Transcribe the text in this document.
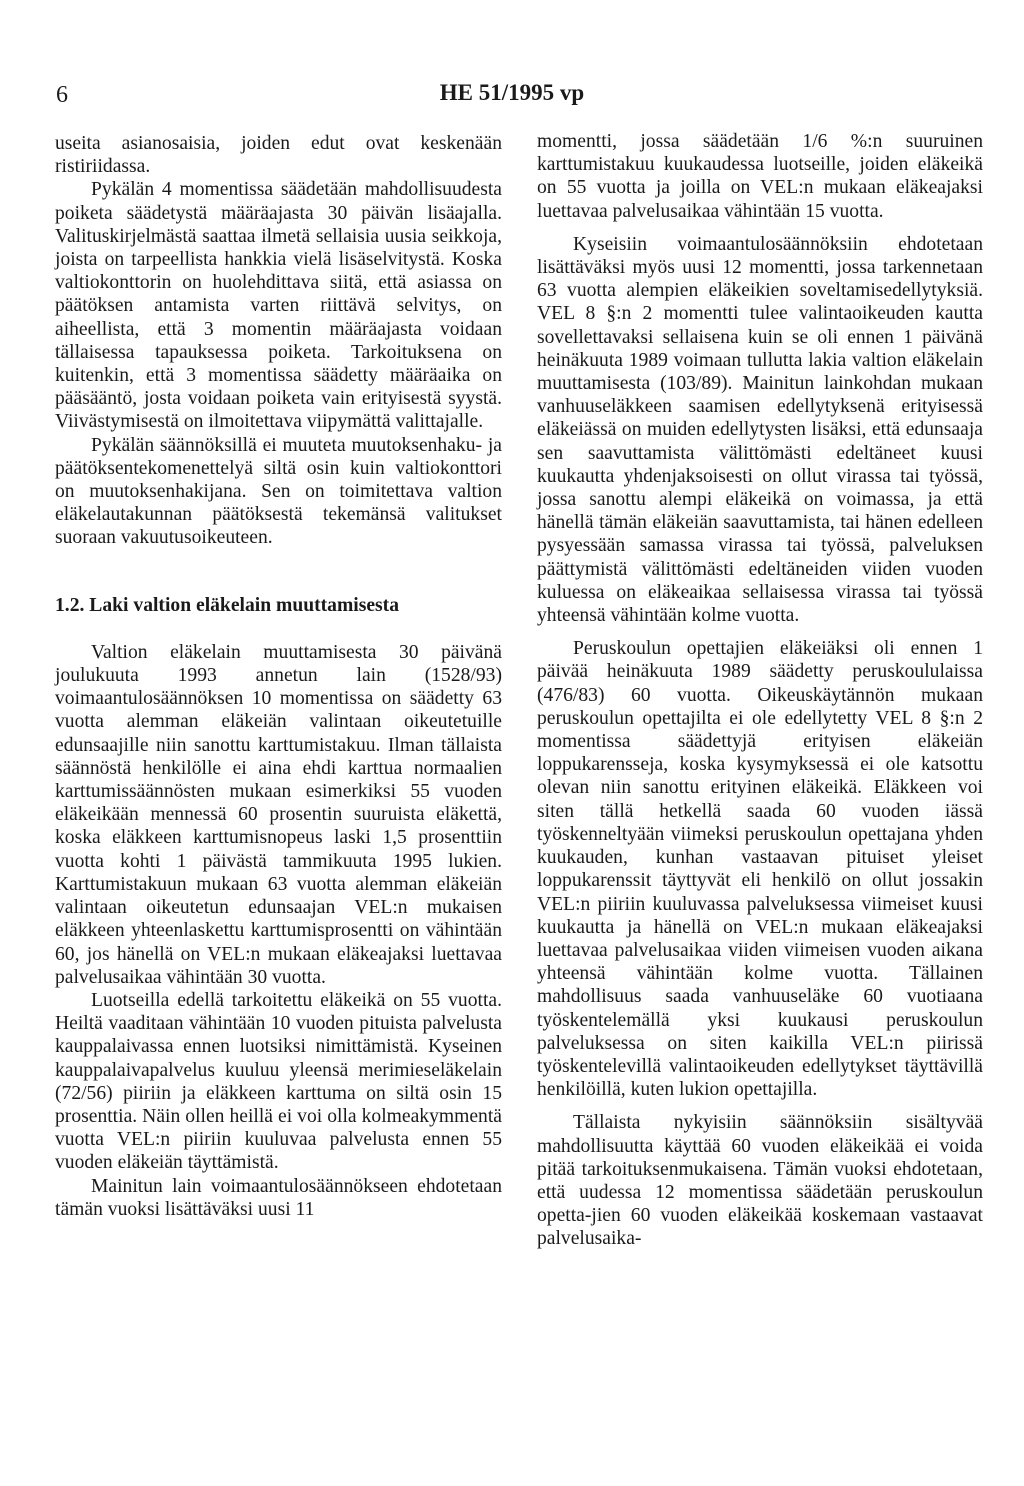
6	HE 51/1995 vp

useita asianosaisia, joiden edut ovat keskenään ristiriidassa.

Pykälän 4 momentissa säädetään mahdollisuudesta poiketa säädetystä määräajasta 30 päivän lisäajalla. Valituskirjelmästä saattaa ilmetä sellaisia uusia seikkoja, joista on tarpeellista hankkia vielä lisäselvitystä. Koska valtiokonttorin on huolehdittava siitä, että asiassa on päätöksen antamista varten riittävä selvitys, on aiheellista, että 3 momentin määräajasta voidaan tällaisessa tapauksessa poiketa. Tarkoituksena on kuitenkin, että 3 momentissa säädetty määräaika on pääsääntö, josta voidaan poiketa vain erityisestä syystä. Viivästymisestä on ilmoitettava viipymättä valittajalle.

Pykälän säännöksillä ei muuteta muutoksenhaku- ja päätöksentekomenettelyä siltä osin kuin valtiokonttori on muutoksenhakijana. Sen on toimitettava valtion eläkelautakunnan päätöksestä tekemänsä valitukset suoraan vakuutusoikeuteen.

1.2. Laki valtion eläkelain muuttamisesta

Valtion eläkelain muuttamisesta 30 päivänä joulukuuta 1993 annetun lain (1528/93) voimaantulosäännöksen 10 momentissa on säädetty 63 vuotta alemman eläkeiän valintaan oikeutetuille edunsaajille niin sanottu karttumistakuu. Ilman tällaista säännöstä henkilölle ei aina ehdi karttua normaalien karttumissäännösten mukaan esimerkiksi 55 vuoden eläkeikään mennessä 60 prosentin suuruista eläkettä, koska eläkkeen karttumisnopeus laski 1,5 prosenttiin vuotta kohti 1 päivästä tammikuuta 1995 lukien. Karttumistakuun mukaan 63 vuotta alemman eläkeiän valintaan oikeutetun edunsaajan VEL:n mukaisen eläkkeen yhteenlaskettu karttumisprosentti on vähintään 60, jos hänellä on VEL:n mukaan eläkeajaksi luettavaa palvelusaikaa vähintään 30 vuotta.

Luotseilla edellä tarkoitettu eläkeikä on 55 vuotta. Heiltä vaaditaan vähintään 10 vuoden pituista palvelusta kauppalaivassa ennen luotsiksi nimittämistä. Kyseinen kauppalaivapalvelus kuuluu yleensä merimieseläkelain (72/56) piiriin ja eläkkeen karttuma on siltä osin 15 prosenttia. Näin ollen heillä ei voi olla kolmeakymmentä vuotta VEL:n piiriin kuuluvaa palvelusta ennen 55 vuoden eläkeiän täyttämistä.

Mainitun lain voimaantulosäännökseen ehdotetaan tämän vuoksi lisättäväksi uusi 11

momentti, jossa säädetään 1/6 %:n suuruinen karttumistakuu kuukaudessa luotseille, joiden eläkeikä on 55 vuotta ja joilla on VEL:n mukaan eläkeajaksi luettavaa palvelusaikaa vähintään 15 vuotta.

Kyseisiin voimaantulosäännöksiin ehdotetaan lisättäväksi myös uusi 12 momentti, jossa tarkennetaan 63 vuotta alempien eläkeikien soveltamisedellytyksiä. VEL 8 §:n 2 momentti tulee valintaoikeuden kautta sovellettavaksi sellaisena kuin se oli ennen 1 päivänä heinäkuuta 1989 voimaan tullutta lakia valtion eläkelain muuttamisesta (103/89). Mainitun lainkohdan mukaan vanhuuseläkkeen saamisen edellytyksenä erityisessä eläkeiässä on muiden edellytysten lisäksi, että edunsaaja sen saavuttamista välittömästi edeltäneet kuusi kuukautta yhdenjaksoisesti on ollut virassa tai työssä, jossa sanottu alempi eläkeikä on voimassa, ja että hänellä tämän eläkeiän saavuttamista, tai hänen edelleen pysyessään samassa virassa tai työssä, palveluksen päättymistä välittömästi edeltäneiden viiden vuoden kuluessa on eläkeaikaa sellaisessa virassa tai työssä yhteensä vähintään kolme vuotta.

Peruskoulun opettajien eläkeiäksi oli ennen 1 päivää heinäkuuta 1989 säädetty peruskoululaissa (476/83) 60 vuotta. Oikeuskäytännön mukaan peruskoulun opettajilta ei ole edellytetty VEL 8 §:n 2 momentissa säädettyjä erityisen eläkeiän loppukarensseja, koska kysymyksessä ei ole katsottu olevan niin sanottu erityinen eläkeikä. Eläkkeen voi siten tällä hetkellä saada 60 vuoden iässä työskenneltyään viimeksi peruskoulun opettajana yhden kuukauden, kunhan vastaavan pituiset yleiset loppukarenssit täyttyvät eli henkilö on ollut jossakin VEL:n piiriin kuuluvassa palveluksessa viimeiset kuusi kuukautta ja hänellä on VEL:n mukaan eläkeajaksi luettavaa palvelusaikaa viiden viimeisen vuoden aikana yhteensä vähintään kolme vuotta. Tällainen mahdollisuus saada vanhuuseläke 60 vuotiaana työskentelemällä yksi kuukausi peruskoulun palveluksessa on siten kaikilla VEL:n piirissä työskentelevillä valintaoikeuden edellytykset täyttävillä henkilöillä, kuten lukion opettajilla.

Tällaista nykyisiin säännöksiin sisältyvää mahdollisuutta käyttää 60 vuoden eläkeikää ei voida pitää tarkoituksenmukaisena. Tämän vuoksi ehdotetaan, että uudessa 12 momentissa säädetään peruskoulun opetta-jien 60 vuoden eläkeikää koskemaan vastaavat palvelusaika-
